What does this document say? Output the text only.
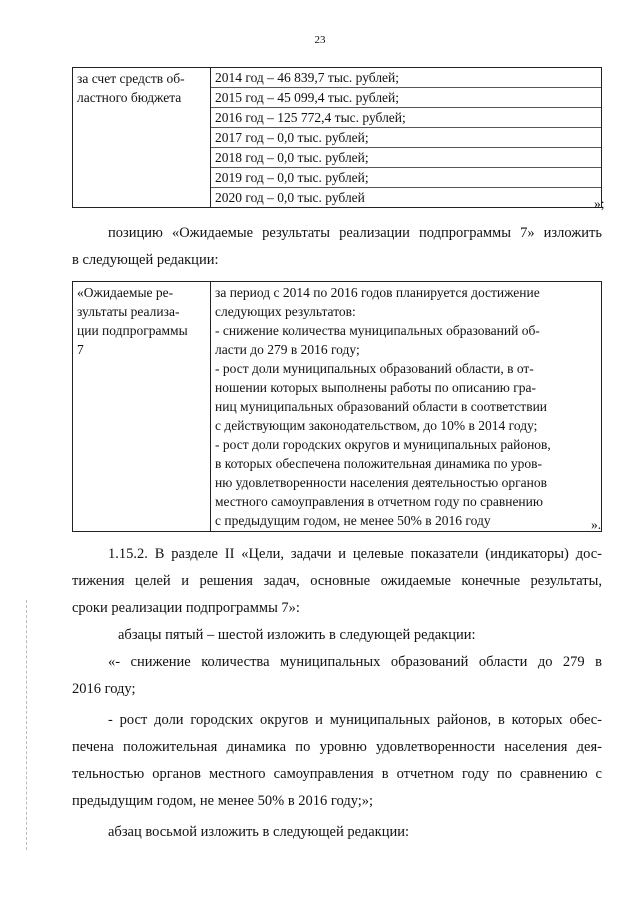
23
за счет средств об-
ластного бюджета

2014 год – 46 839,7 тыс. рублей;
2015 год – 45 099,4 тыс. рублей;
2016 год – 125 772,4 тыс. рублей;
2017 год – 0,0 тыс. рублей;
2018 год – 0,0 тыс. рублей;
2019 год – 0,0 тыс. рублей;
2020 год – 0,0 тыс. рублей	»;
позицию «Ожидаемые результаты реализации подпрограммы 7» изложить
в следующей редакции:
«Ожидаемые ре-
зультаты реализа-
ции подпрограммы
7

за период с 2014 по 2016 годов планируется достижение
следующих результатов:
- снижение количества муниципальных образований об-
ласти до 279 в 2016 году;
- рост доли муниципальных образований области, в от-
ношении которых выполнены работы по описанию гра-
ниц муниципальных образований области в соответствии
с действующим законодательством, до 10% в 2014 году;
- рост доли городских округов и муниципальных районов,
в которых обеспечена положительная динамика по уров-
ню удовлетворенности населения деятельностью органов
местного самоуправления в отчетном году по сравнению
с предыдущим годом, не менее 50% в 2016 году	».
1.15.2. В разделе II «Цели, задачи и целевые показатели (индикаторы) дос-
тижения целей и решения задач, основные ожидаемые конечные результаты,
сроки реализации подпрограммы 7»:
абзацы пятый – шестой изложить в следующей редакции:
«- снижение количества муниципальных образований области до 279 в
2016 году;
- рост доли городских округов и муниципальных районов, в которых обес-
печена положительная динамика по уровню удовлетворенности населения дея-
тельностью органов местного самоуправления в отчетном году по сравнению с
предыдущим годом, не менее 50% в 2016 году;»;
абзац восьмой изложить в следующей редакции:
